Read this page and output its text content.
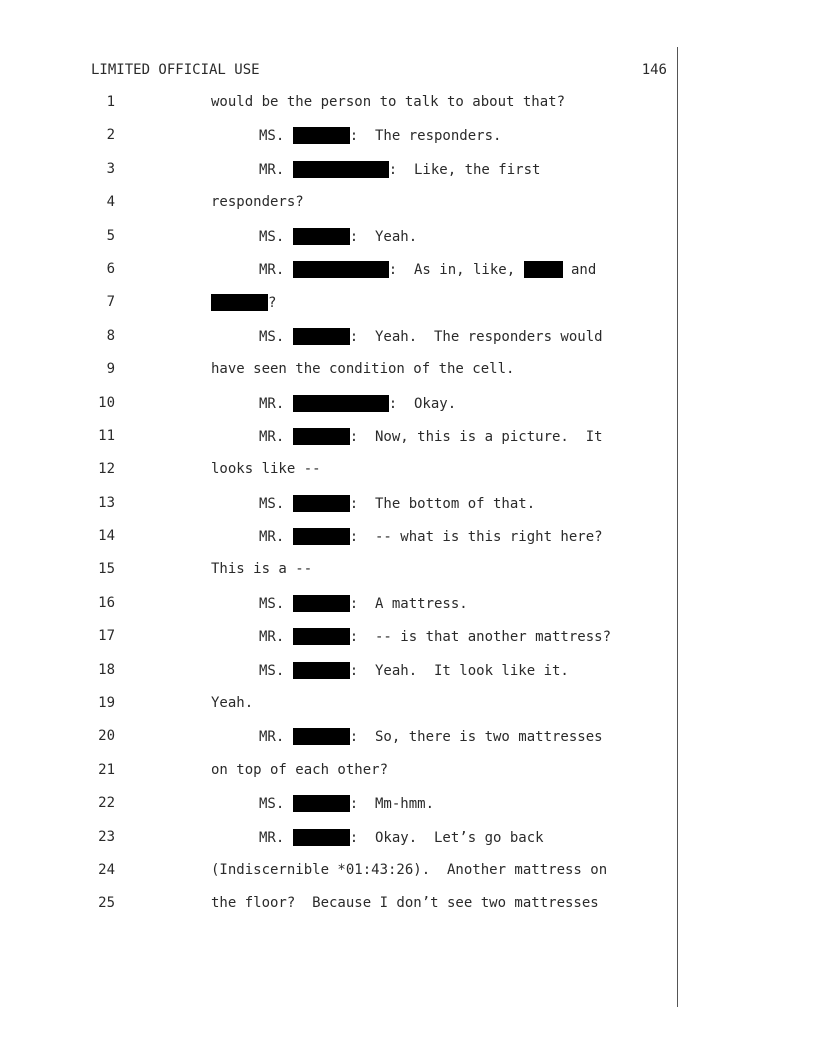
LIMITED OFFICIAL USE	146
1	would be the person to talk to about that?
2	MS.	:  The responders.
3	MR.	:  Like, the first
4	responders?
5	MS.	:  Yeah.
6	MR.	:  As in, like,	and
7	?
8	MS.	:  Yeah.  The responders would
9	have seen the condition of the cell.
10	MR.	:  Okay.
11	MR.	:  Now, this is a picture.  It
12	looks like --
13	MS.	:  The bottom of that.
14	MR.	:  -- what is this right here?
15	This is a --
16	MS.	:  A mattress.
17	MR.	:  -- is that another mattress?
18	MS.	:  Yeah.  It look like it.
19	Yeah.
20	MR.	:  So, there is two mattresses
21	on top of each other?
22	MS.	:  Mm-hmm.
23	MR.	:  Okay.  Let’s go back
24	(Indiscernible *01:43:26).  Another mattress on
25	the floor?  Because I don’t see two mattresses
